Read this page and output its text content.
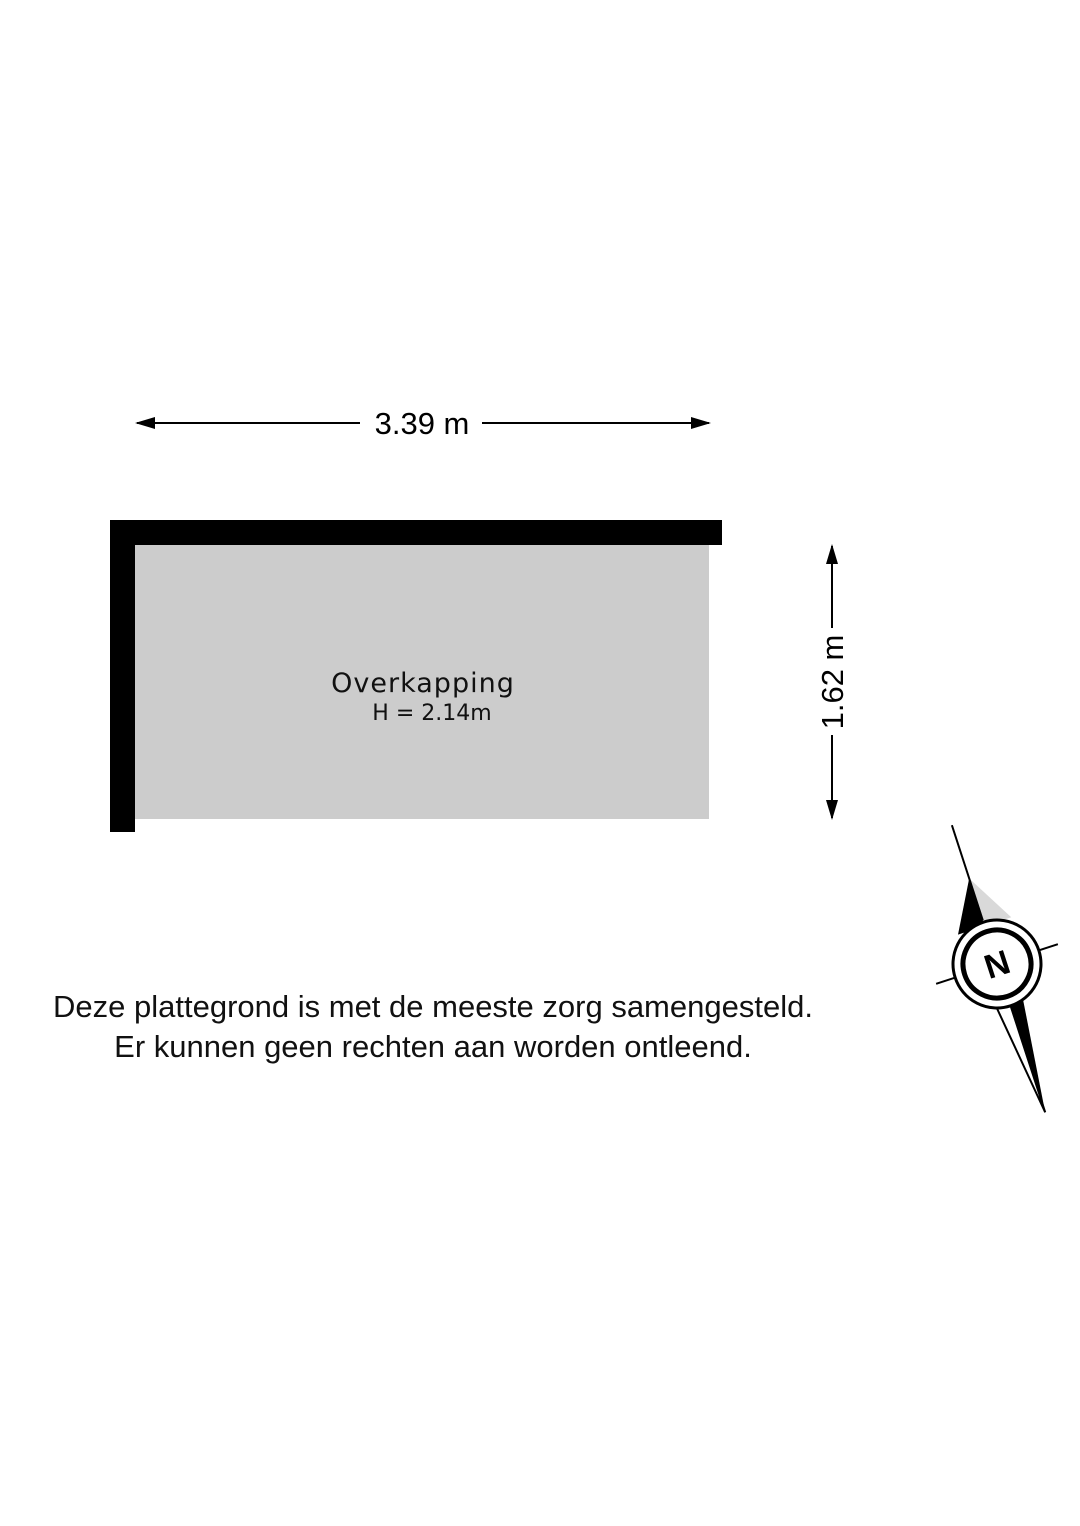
3.39 m
Overkapping
H = 2.14m	1.62 m
N
Deze plattegrond is met de meeste zorg samengesteld.
Er kunnen geen rechten aan worden ontleend.
